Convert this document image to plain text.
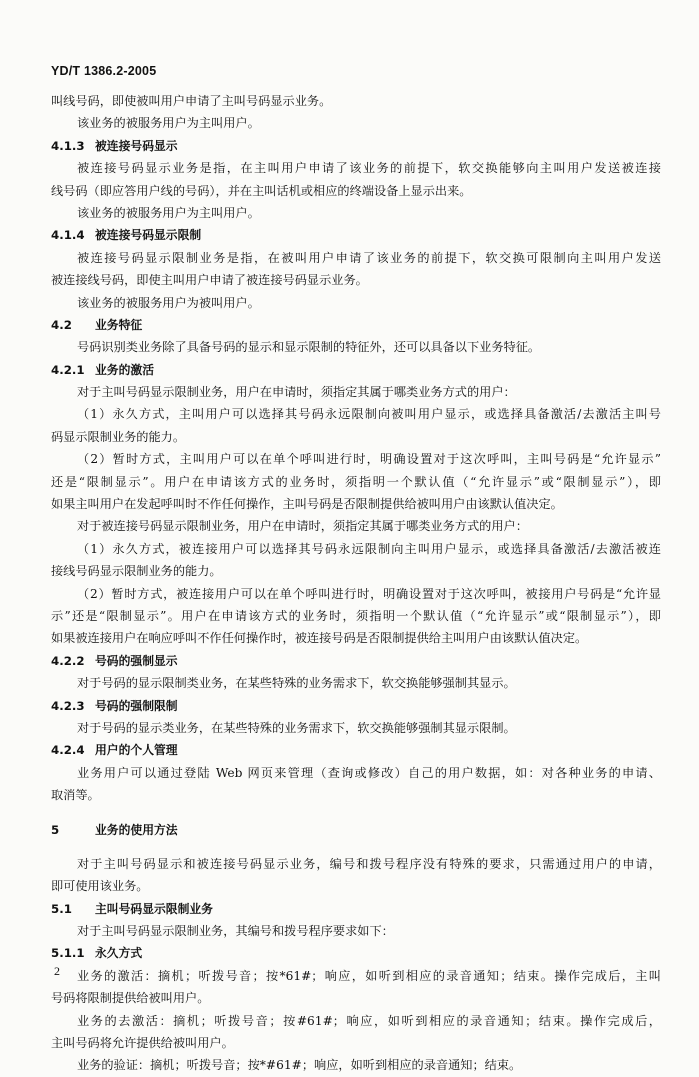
YD/T 1386.2-2005
叫线号码，即使被叫用户申请了主叫号码显示业务。
该业务的被服务用户为主叫用户。
4.1.3 被连接号码显示
被连接号码显示业务是指，在主叫用户申请了该业务的前提下，软交换能够向主叫用户发送被连接
线号码（即应答用户线的号码），并在主叫话机或相应的终端设备上显示出来。
该业务的被服务用户为主叫用户。
4.1.4 被连接号码显示限制
被连接号码显示限制业务是指，在被叫用户申请了该业务的前提下，软交换可限制向主叫用户发送
被连接线号码，即使主叫用户申请了被连接号码显示业务。
该业务的被服务用户为被叫用户。
4.2 业务特征
号码识别类业务除了具备号码的显示和显示限制的特征外，还可以具备以下业务特征。
4.2.1 业务的激活
对于主叫号码显示限制业务，用户在申请时，须指定其属于哪类业务方式的用户：
（1）永久方式，主叫用户可以选择其号码永远限制向被叫用户显示，或选择具备激活/去激活主叫号
码显示限制业务的能力。
（2）暂时方式，主叫用户可以在单个呼叫进行时，明确设置对于这次呼叫，主叫号码是“允许显示”
还是“限制显示”。用户在申请该方式的业务时，须指明一个默认值（“允许显示”或“限制显示”），即
如果主叫用户在发起呼叫时不作任何操作，主叫号码是否限制提供给被叫用户由该默认值决定。
对于被连接号码显示限制业务，用户在申请时，须指定其属于哪类业务方式的用户：
（1）永久方式，被连接用户可以选择其号码永远限制向主叫用户显示，或选择具备激活/去激活被连
接线号码显示限制业务的能力。
（2）暂时方式，被连接用户可以在单个呼叫进行时，明确设置对于这次呼叫，被接用户号码是“允许显
示”还是“限制显示”。用户在申请该方式的业务时，须指明一个默认值（“允许显示”或“限制显示”），即
如果被连接用户在响应呼叫不作任何操作时，被连接号码是否限制提供给主叫用户由该默认值决定。
4.2.2 号码的强制显示
对于号码的显示限制类业务，在某些特殊的业务需求下，软交换能够强制其显示。
4.2.3 号码的强制限制
对于号码的显示类业务，在某些特殊的业务需求下，软交换能够强制其显示限制。
4.2.4 用户的个人管理
业务用户可以通过登陆 Web 网页来管理（查询或修改）自己的用户数据，如：对各种业务的申请、
取消等。
5	业务的使用方法
对于主叫号码显示和被连接号码显示业务，编号和拨号程序没有特殊的要求，只需通过用户的申请，
即可使用该业务。
5.1 主叫号码显示限制业务
对于主叫号码显示限制业务，其编号和拨号程序要求如下：
5.1.1 永久方式
业务的激活：摘机；听拨号音；按*61#；响应，如听到相应的录音通知；结束。操作完成后，主叫
号码将限制提供给被叫用户。
业务的去激活：摘机；听拨号音；按#61#；响应，如听到相应的录音通知；结束。操作完成后，
主叫号码将允许提供给被叫用户。
业务的验证：摘机；听拨号音；按*#61#；响应，如听到相应的录音通知；结束。
2
